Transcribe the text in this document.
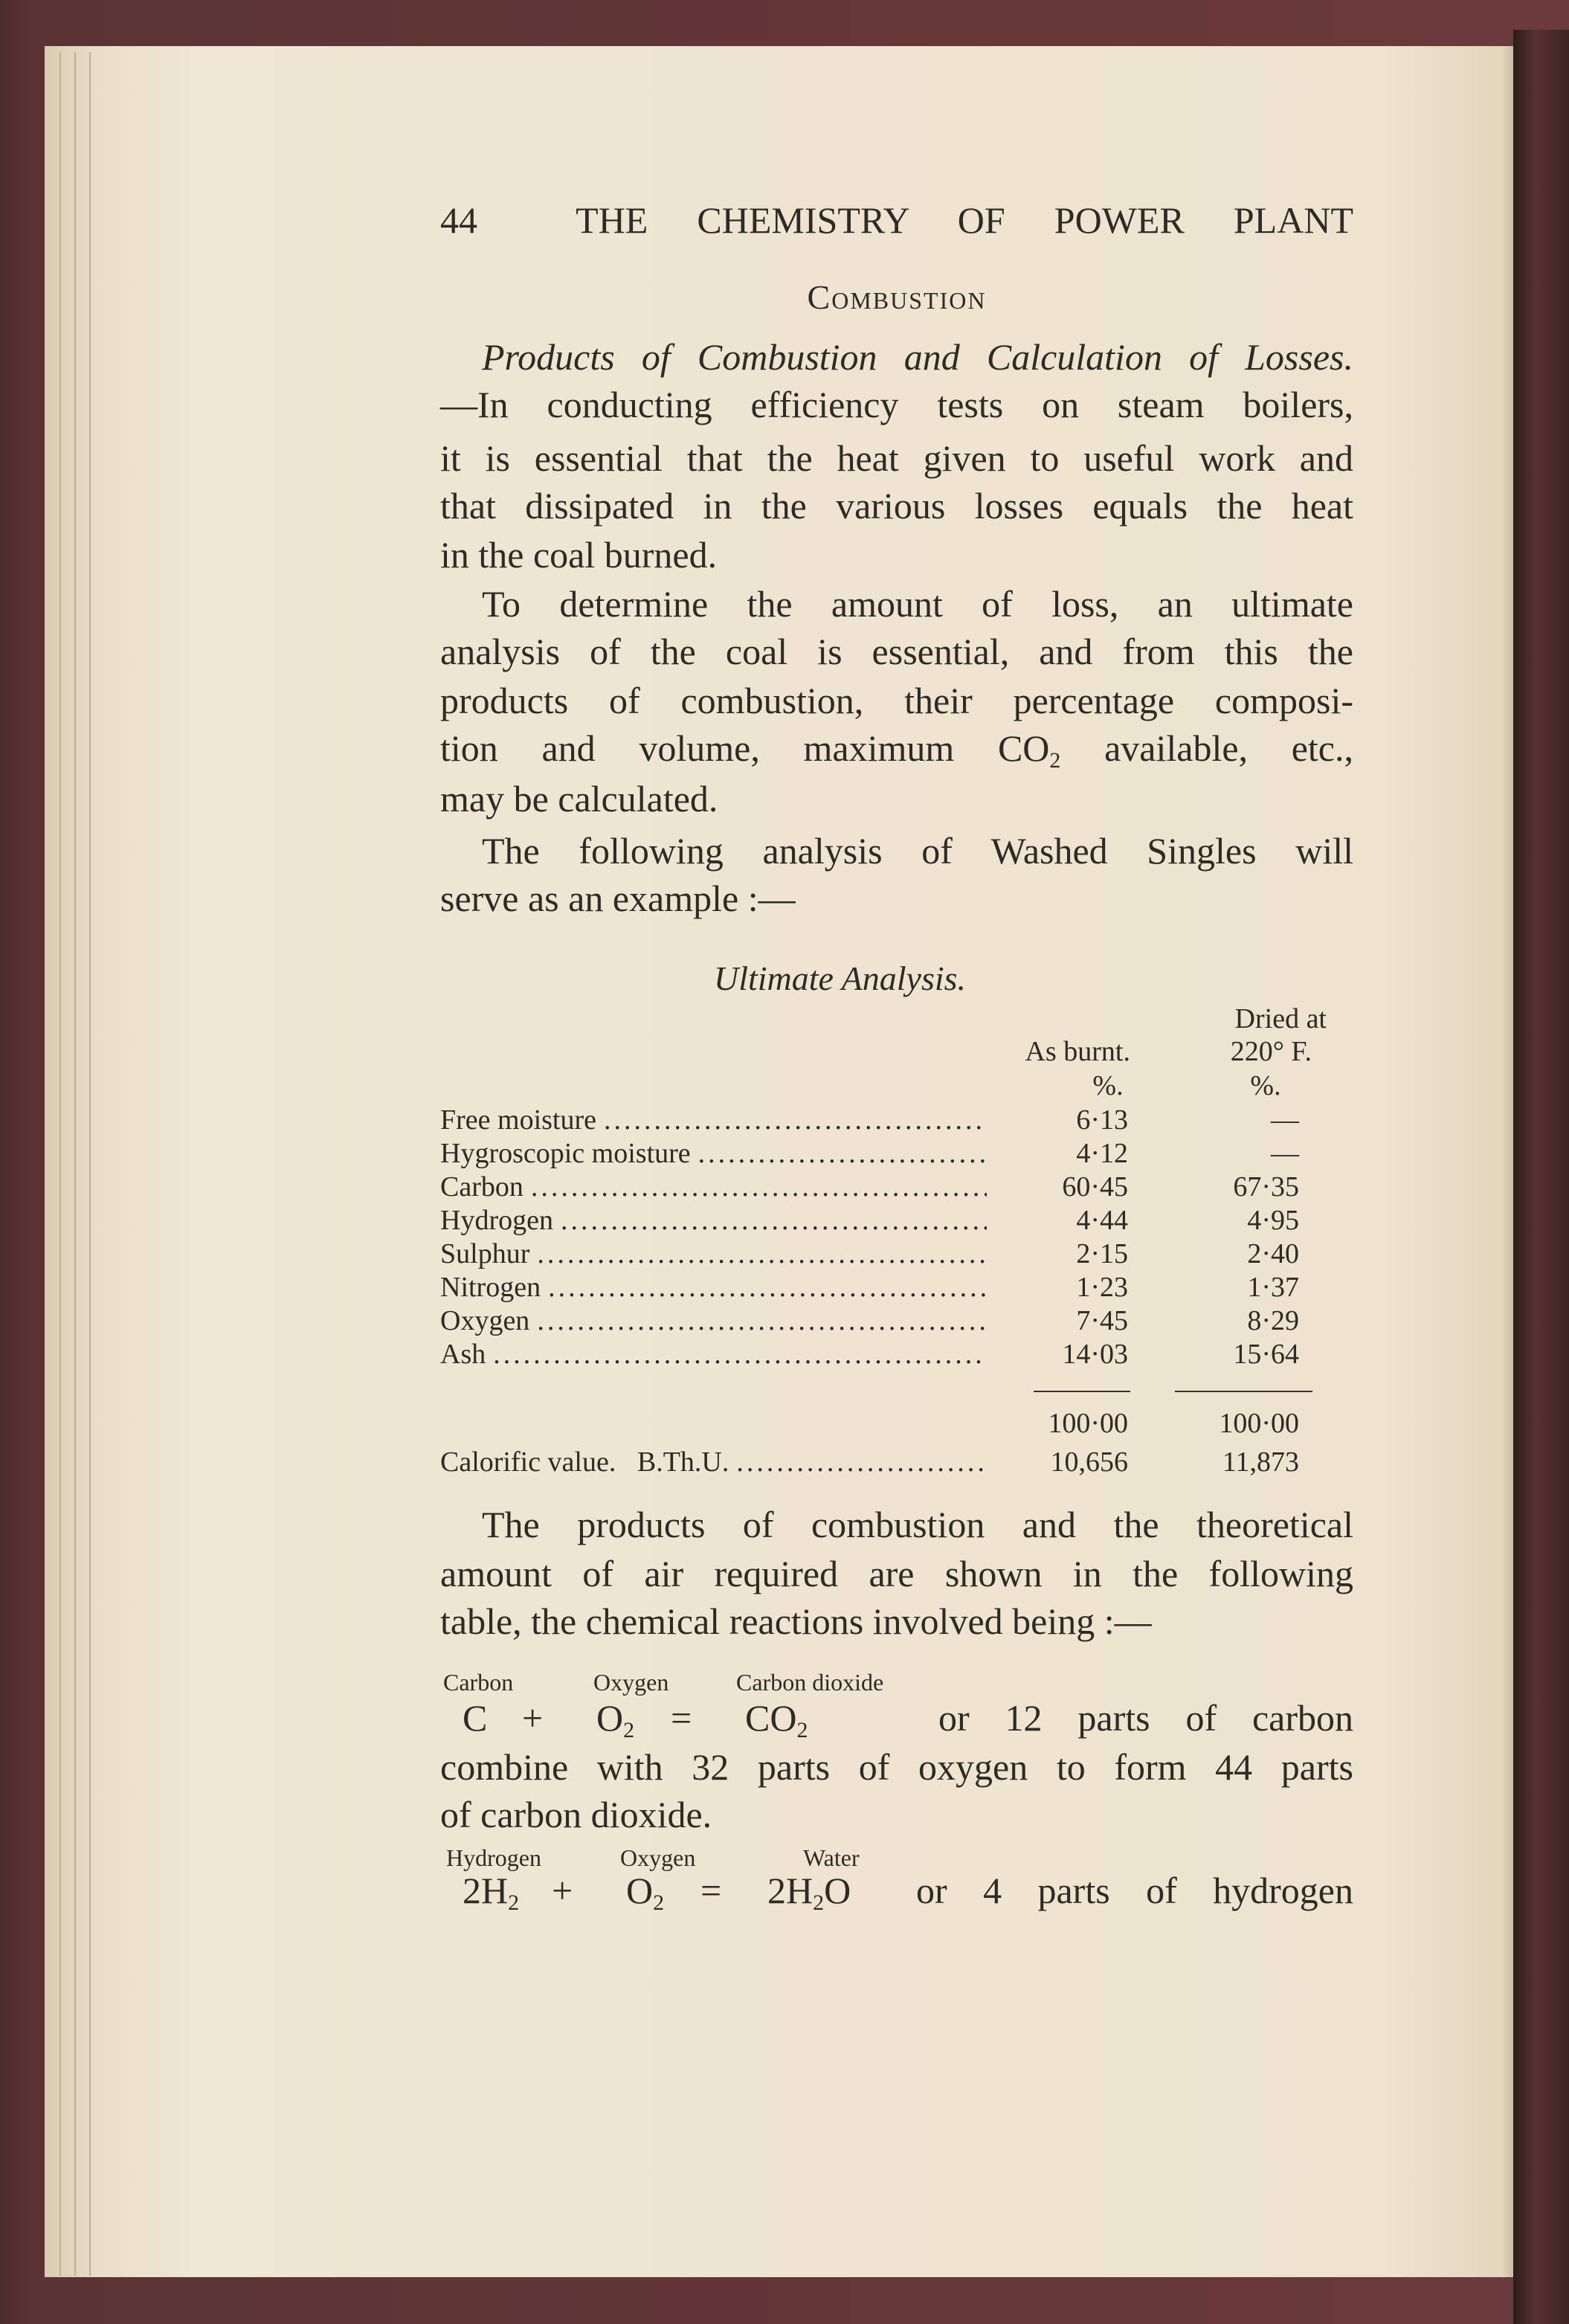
44	THE CHEMISTRY OF POWER PLANT
Combustion
Products of Combustion and Calculation of Losses.
—In conducting efficiency tests on steam boilers,
it is essential that the heat given to useful work and
that dissipated in the various losses equals the heat
in the coal burned.
To determine the amount of loss, an ultimate
analysis of the coal is essential, and from this the
products of combustion, their percentage composi-
tion and volume, maximum $CO_2$ available, etc.,
may be calculated.
The following analysis of Washed Singles will
serve as an example :—
Ultimate Analysis.
Dried at
As burnt.	220° F.
%.	%.
Free moisture .....	6·13	—
Hygroscopic moisture .....	4·12	—
Carbon .....	60·45	67·35
Hydrogen .....	4·44	4·95
Sulphur .....	2·15	2·40
Nitrogen .....	1·23	1·37
Oxygen .....	7·45	8·29
Ash .....	14·03	15·64
100·00	100·00
Calorific value.   B.Th.U. .....	10,656	11,873
The products of combustion and the theoretical
amount of air required are shown in the following
table, the chemical reactions involved being :—
Carbon	Oxygen	Carbon dioxide
$C + O_2 = CO_2$	or 12 parts of carbon
combine with 32 parts of oxygen to form 44 parts
of carbon dioxide.
Hydrogen	Oxygen	Water
$2H_2 + O_2 = 2H_2O$ or 4 parts of hydrogen
